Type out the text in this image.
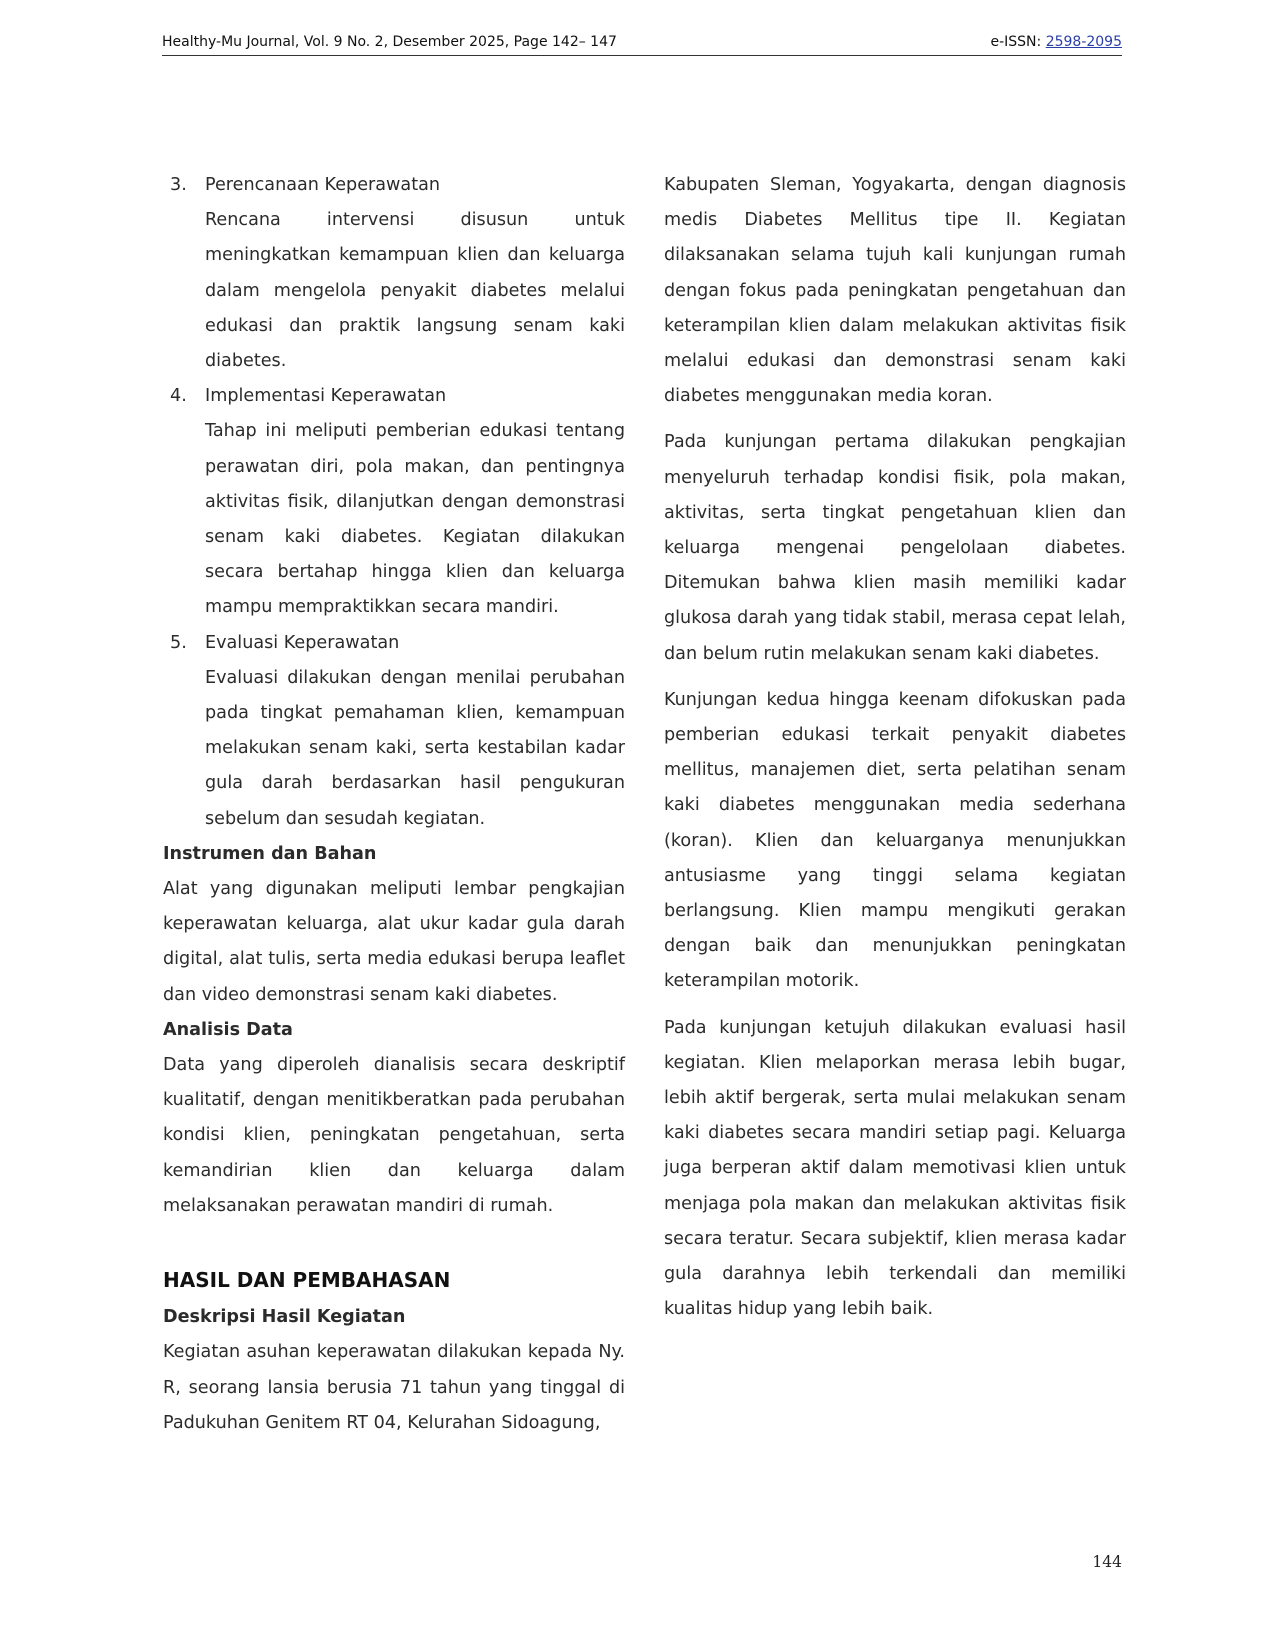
Healthy-Mu Journal, Vol. 9 No. 2, Desember 2025, Page 142– 147	e-ISSN: 2598-2095
3. Perencanaan Keperawatan

Rencana intervensi disusun untuk meningkatkan kemampuan klien dan keluarga dalam mengelola penyakit diabetes melalui edukasi dan praktik langsung senam kaki diabetes.

4. Implementasi Keperawatan

Tahap ini meliputi pemberian edukasi tentang perawatan diri, pola makan, dan pentingnya aktivitas fisik, dilanjutkan dengan demonstrasi senam kaki diabetes. Kegiatan dilakukan secara bertahap hingga klien dan keluarga mampu mempraktikkan secara mandiri.

5. Evaluasi Keperawatan

Evaluasi dilakukan dengan menilai perubahan pada tingkat pemahaman klien, kemampuan melakukan senam kaki, serta kestabilan kadar gula darah berdasarkan hasil pengukuran sebelum dan sesudah kegiatan.

Instrumen dan Bahan

Alat yang digunakan meliputi lembar pengkajian keperawatan keluarga, alat ukur kadar gula darah digital, alat tulis, serta media edukasi berupa leaflet dan video demonstrasi senam kaki diabetes.

Analisis Data

Data yang diperoleh dianalisis secara deskriptif kualitatif, dengan menitikberatkan pada perubahan kondisi klien, peningkatan pengetahuan, serta kemandirian klien dan keluarga dalam melaksanakan perawatan mandiri di rumah.

HASIL DAN PEMBAHASAN
Deskripsi Hasil Kegiatan

Kegiatan asuhan keperawatan dilakukan kepada Ny. R, seorang lansia berusia 71 tahun yang tinggal di Padukuhan Genitem RT 04, Kelurahan Sidoagung,

Kabupaten Sleman, Yogyakarta, dengan diagnosis medis Diabetes Mellitus tipe II. Kegiatan dilaksanakan selama tujuh kali kunjungan rumah dengan fokus pada peningkatan pengetahuan dan keterampilan klien dalam melakukan aktivitas fisik melalui edukasi dan demonstrasi senam kaki diabetes menggunakan media koran.

Pada kunjungan pertama dilakukan pengkajian menyeluruh terhadap kondisi fisik, pola makan, aktivitas, serta tingkat pengetahuan klien dan keluarga mengenai pengelolaan diabetes. Ditemukan bahwa klien masih memiliki kadar glukosa darah yang tidak stabil, merasa cepat lelah, dan belum rutin melakukan senam kaki diabetes.

Kunjungan kedua hingga keenam difokuskan pada pemberian edukasi terkait penyakit diabetes mellitus, manajemen diet, serta pelatihan senam kaki diabetes menggunakan media sederhana (koran). Klien dan keluarganya menunjukkan antusiasme yang tinggi selama kegiatan berlangsung. Klien mampu mengikuti gerakan dengan baik dan menunjukkan peningkatan keterampilan motorik.

Pada kunjungan ketujuh dilakukan evaluasi hasil kegiatan. Klien melaporkan merasa lebih bugar, lebih aktif bergerak, serta mulai melakukan senam kaki diabetes secara mandiri setiap pagi. Keluarga juga berperan aktif dalam memotivasi klien untuk menjaga pola makan dan melakukan aktivitas fisik secara teratur. Secara subjektif, klien merasa kadar gula darahnya lebih terkendali dan memiliki kualitas hidup yang lebih baik.

144
